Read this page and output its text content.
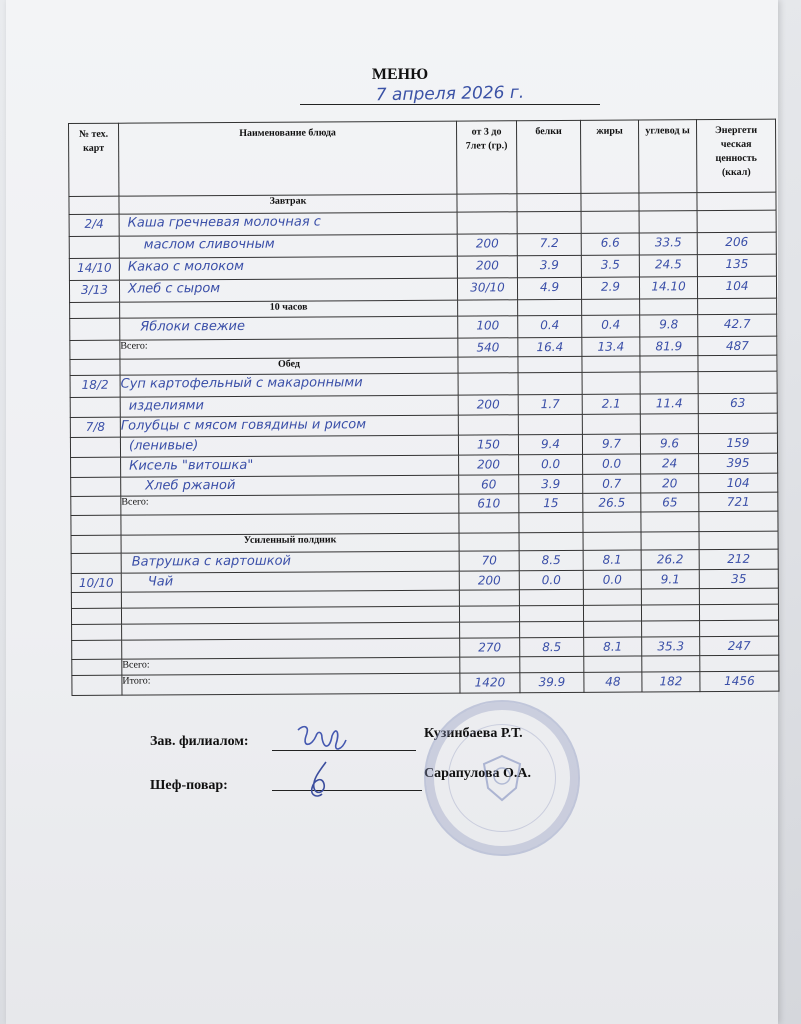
МЕНЮ
7 апреля 2026 г.
№ тех. карт	Наименование блюда	от 3 до 7лет (гр.)	белки	жиры	углевод ы	Энергети ческая ценность (ккал)

	Завтрак					

2/4	Каша гречневая молочная с					

	маслом сливочным	200	7.2	6.6	33.5	206

14/10	Какао с молоком	200	3.9	3.5	24.5	135

3/13	Хлеб с сыром	30/10	4.9	2.9	14.10	104

	10 часов					

	Яблоки свежие	100	0.4	0.4	9.8	42.7

	Всего:	540	16.4	13.4	81.9	487

	Обед					

18/2	Суп картофельный с макаронными					

	изделиями	200	1.7	2.1	11.4	63

7/8	Голубцы с мясом говядины и рисом					

	(ленивые)	150	9.4	9.7	9.6	159

	Кисель "витошка"	200	0.0	0.0	24	395

	Хлеб ржаной	60	3.9	0.7	20	104

	Всего:	610	15	26.5	65	721

	Усиленный полдник					

	Ватрушка с картошкой	70	8.5	8.1	26.2	212

10/10	Чай	200	0.0	0.0	9.1	35

		270	8.5	8.1	35.3	247

	Всего:					
	Итого:	1420	39.9	48	182	1456
Зав. филиалом:
Кузинбаева Р.Т.
Шеф-повар:
Сарапулова О.А.
